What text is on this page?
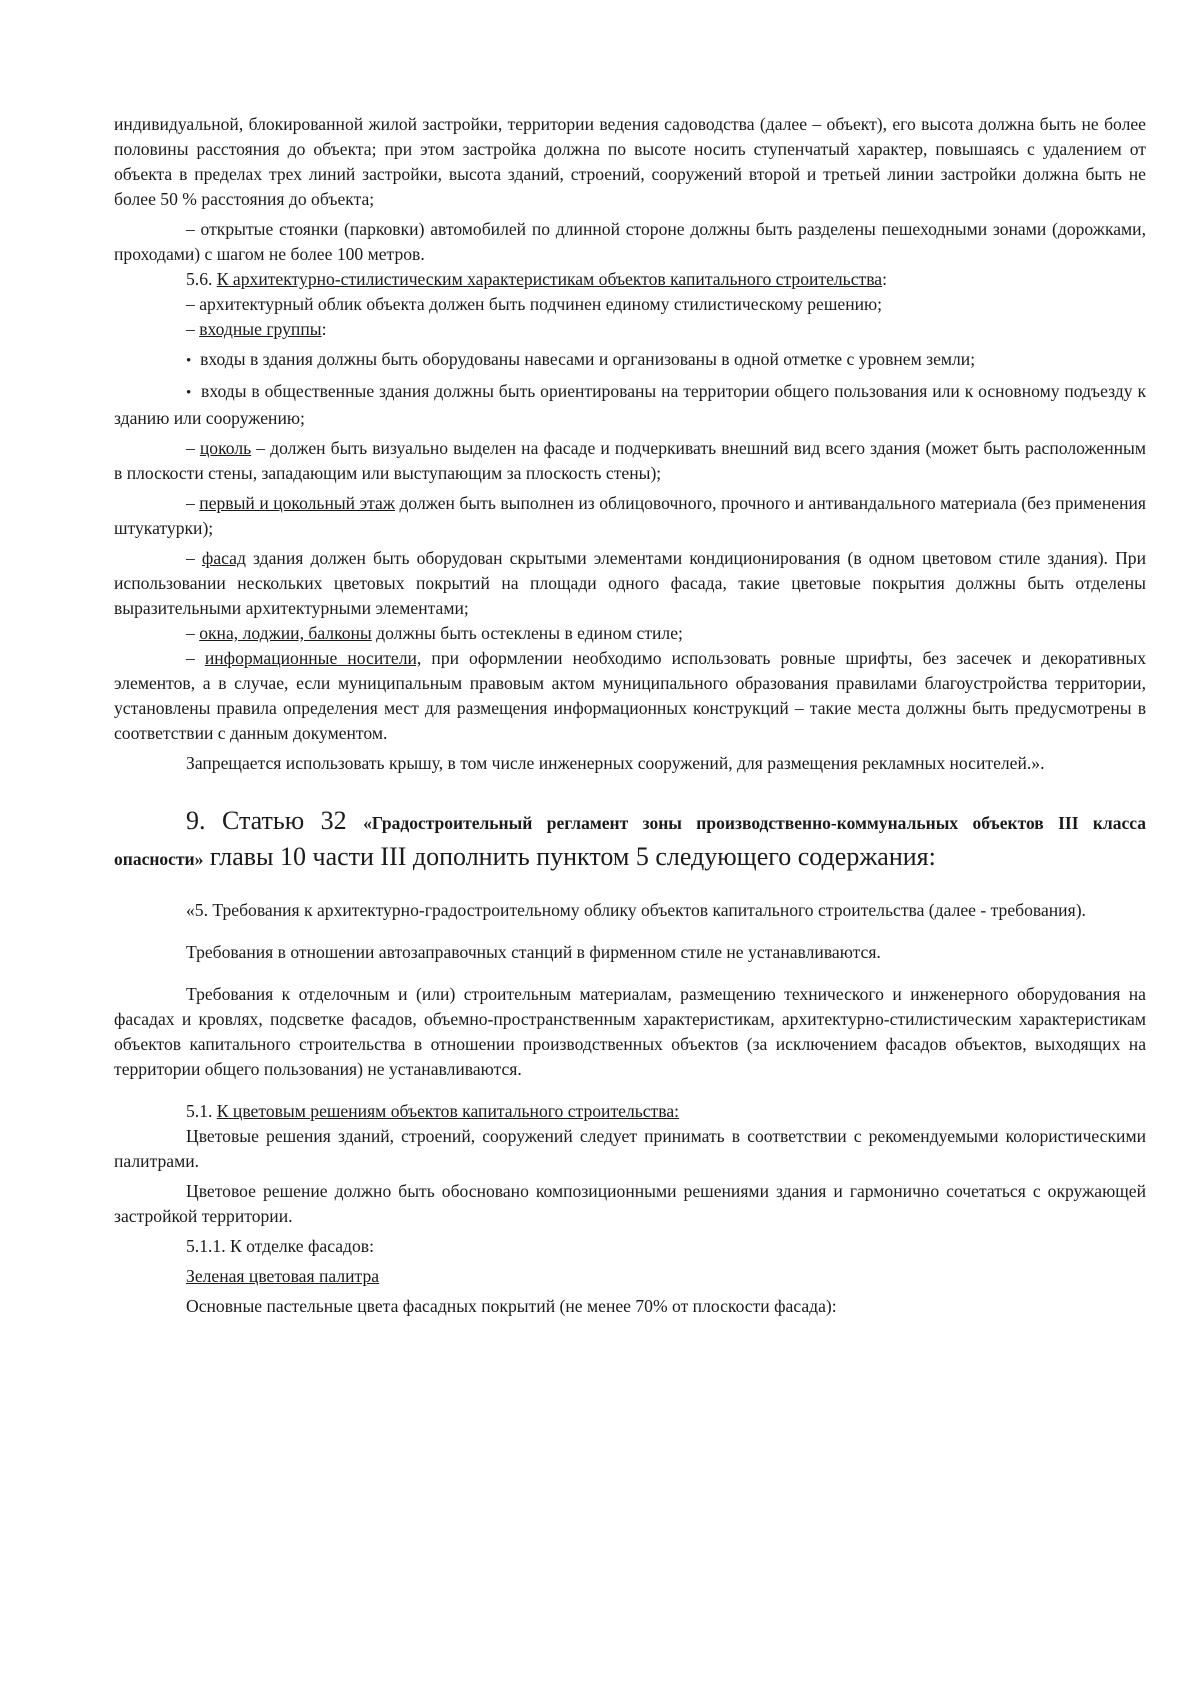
индивидуальной, блокированной жилой застройки, территории ведения садоводства (далее – объект), его высота должна быть не более половины расстояния до объекта; при этом застройка должна по высоте носить ступенчатый характер, повышаясь с удалением от объекта в пределах трех линий застройки, высота зданий, строений, сооружений второй и третьей линии застройки должна быть не более 50 % расстояния до объекта;

– открытые стоянки (парковки) автомобилей по длинной стороне должны быть разделены пешеходными зонами (дорожками, проходами) с шагом не более 100 метров.

5.6. К архитектурно-стилистическим характеристикам объектов капитального строительства:

– архитектурный облик объекта должен быть подчинен единому стилистическому решению;

– входные группы:

• входы в здания должны быть оборудованы навесами и организованы в одной отметке с уровнем земли;

• входы в общественные здания должны быть ориентированы на территории общего пользования или к основному подъезду к зданию или сооружению;

– цоколь – должен быть визуально выделен на фасаде и подчеркивать внешний вид всего здания (может быть расположенным в плоскости стены, западающим или выступающим за плоскость стены);

– первый и цокольный этаж должен быть выполнен из облицовочного, прочного и антивандального материала (без применения штукатурки);

– фасад здания должен быть оборудован скрытыми элементами кондиционирования (в одном цветовом стиле здания). При использовании нескольких цветовых покрытий на площади одного фасада, такие цветовые покрытия должны быть отделены выразительными архитектурными элементами;

– окна, лоджии, балконы должны быть остеклены в едином стиле;

– информационные носители, при оформлении необходимо использовать ровные шрифты, без засечек и декоративных элементов, а в случае, если муниципальным правовым актом муниципального образования правилами благоустройства территории, установлены правила определения мест для размещения информационных конструкций – такие места должны быть предусмотрены в соответствии с данным документом.

Запрещается использовать крышу, в том числе инженерных сооружений, для размещения рекламных носителей.».

9. Статью 32 «Градостроительный регламент зоны производственно-коммунальных объектов III класса опасности» главы 10 части III дополнить пунктом 5 следующего содержания:

«5. Требования к архитектурно-градостроительному облику объектов капитального строительства (далее - требования).

Требования в отношении автозаправочных станций в фирменном стиле не устанавливаются.

Требования к отделочным и (или) строительным материалам, размещению технического и инженерного оборудования на фасадах и кровлях, подсветке фасадов, объемно-пространственным характеристикам, архитектурно-стилистическим характеристикам объектов капитального строительства в отношении производственных объектов (за исключением фасадов объектов, выходящих на территории общего пользования) не устанавливаются.

5.1. К цветовым решениям объектов капитального строительства:

Цветовые решения зданий, строений, сооружений следует принимать в соответствии с рекомендуемыми колористическими палитрами.

Цветовое решение должно быть обосновано композиционными решениями здания и гармонично сочетаться с окружающей застройкой территории.

5.1.1. К отделке фасадов:

Зеленая цветовая палитра

Основные пастельные цвета фасадных покрытий (не менее 70% от плоскости фасада):
